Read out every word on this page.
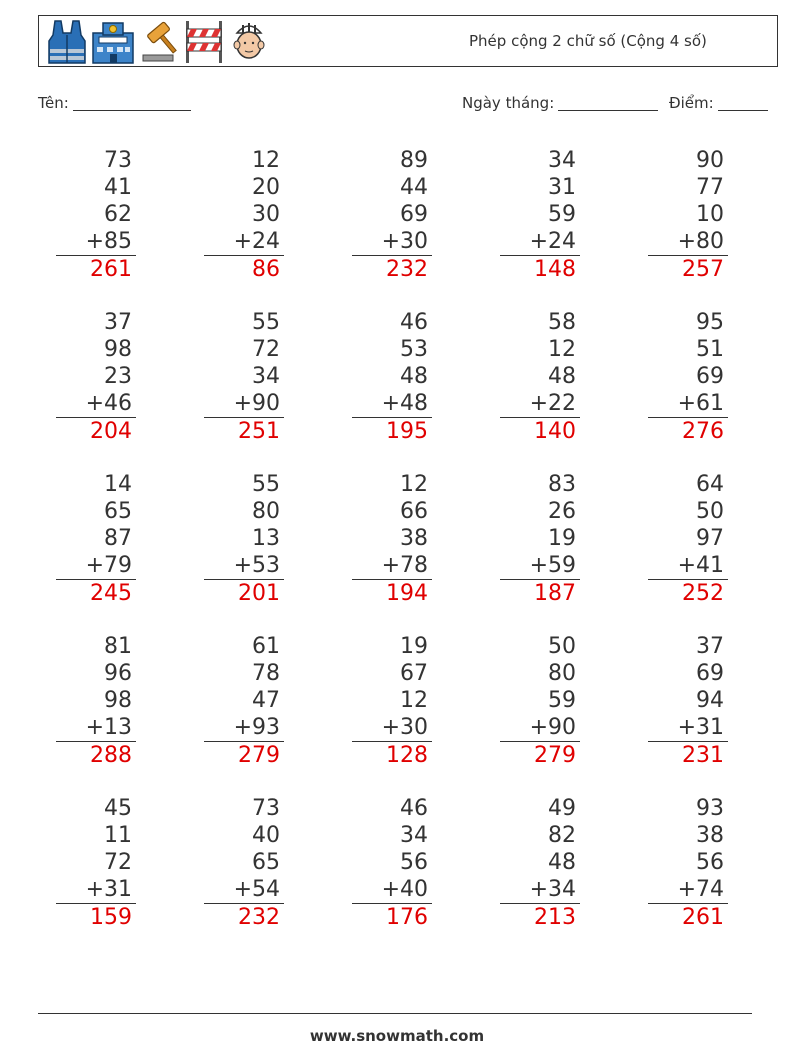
Phép cộng 2 chữ số (Cộng 4 số)
Tên:	Ngày tháng:	Điểm:
73
41
62
+85
261
12
20
30
+24
86
89
44
69
+30
232
34
31
59
+24
148
90
77
10
+80
257
37
98
23
+46
204
55
72
34
+90
251
46
53
48
+48
195
58
12
48
+22
140
95
51
69
+61
276
14
65
87
+79
245
55
80
13
+53
201
12
66
38
+78
194
83
26
19
+59
187
64
50
97
+41
252
81
96
98
+13
288
61
78
47
+93
279
19
67
12
+30
128
50
80
59
+90
279
37
69
94
+31
231
45
11
72
+31
159
73
40
65
+54
232
46
34
56
+40
176
49
82
48
+34
213
93
38
56
+74
261
www.snowmath.com
